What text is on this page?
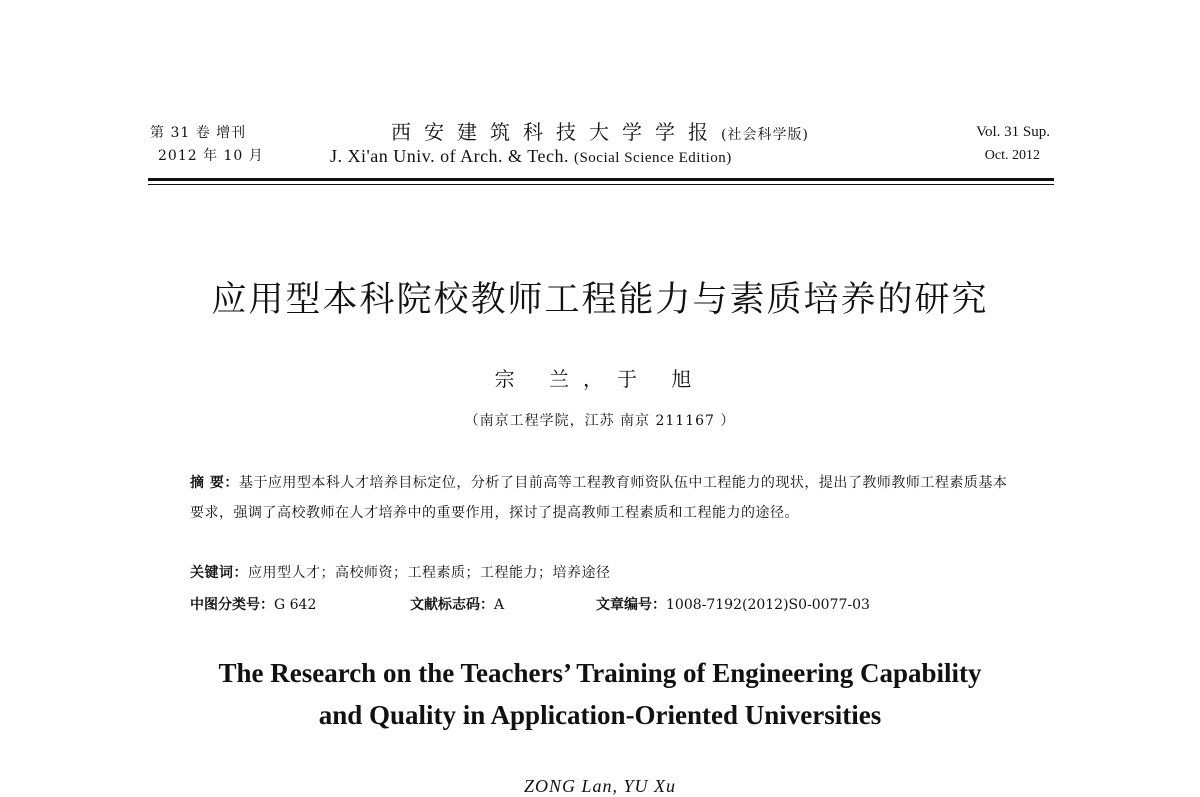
第 31 卷 增刊
2012 年 10 月
西安建筑科技大学学报(社会科学版)
J. Xi'an Univ. of Arch. & Tech. (Social Science Edition)
Vol. 31 Sup.
Oct. 2012
应用型本科院校教师工程能力与素质培养的研究
宗 兰，于 旭
（南京工程学院，江苏 南京 211167 ）
摘 要：基于应用型本科人才培养目标定位，分析了目前高等工程教育师资队伍中工程能力的现状，提出了教师教师工程素质基本要求，强调了高校教师在人才培养中的重要作用，探讨了提高教师工程素质和工程能力的途径。
关键词：应用型人才；高校师资；工程素质；工程能力；培养途径
中图分类号：G 642	文献标志码：A	文章编号：1008-7192(2012)S0-0077-03
The Research on the Teachers’ Training of Engineering Capability
and Quality in Application-Oriented Universities
ZONG Lan, YU Xu
